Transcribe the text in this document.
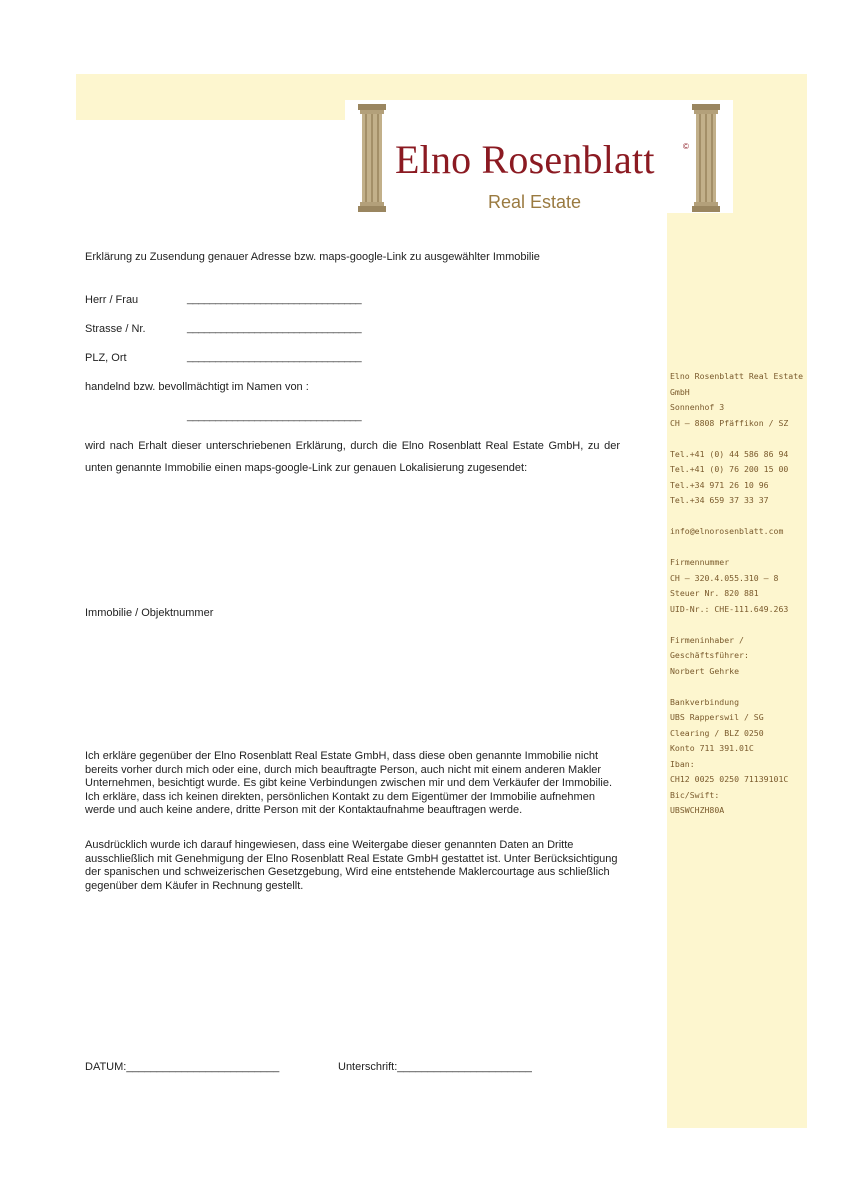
Elno Rosenblatt	©
Real Estate
Erklärung zu Zusendung genauer Adresse bzw. maps-google-Link zu ausgewählter Immobilie
Herr / Frau	_______________________________
Strasse / Nr.	_______________________________
PLZ, Ort	_______________________________
handelnd bzw. bevollmächtigt im Namen von :
_______________________________
wird nach Erhalt dieser unterschriebenen Erklärung, durch die Elno Rosenblatt Real Estate GmbH, zu der unten genannte Immobilie einen maps-google-Link zur genauen Lokalisierung zugesendet:
Immobilie / Objektnummer
Ich erkläre gegenüber der Elno Rosenblatt Real Estate GmbH, dass diese oben genannte Immobilie nicht bereits vorher durch mich oder eine, durch mich beauftragte Person, auch nicht mit einem anderen Makler Unternehmen, besichtigt wurde. Es gibt keine Verbindungen zwischen mir und dem Verkäufer der Immobilie. Ich erkläre, dass ich keinen direkten, persönlichen Kontakt zu dem Eigentümer der Immobilie aufnehmen werde und auch keine andere, dritte Person mit der Kontaktaufnahme beauftragen werde.
Ausdrücklich wurde ich darauf hingewiesen, dass eine Weitergabe dieser genannten Daten an Dritte ausschließlich mit Genehmigung der Elno Rosenblatt Real Estate GmbH gestattet ist. Unter Berücksichtigung der spanischen und schweizerischen Gesetzgebung, Wird eine entstehende Maklercourtage aus schließlich gegenüber dem Käufer in Rechnung gestellt.
DATUM:_________________________	Unterschrift:______________________
Elno Rosenblatt Real Estate
GmbH
Sonnenhof 3
CH – 8808 Pfäffikon / SZ
Tel.+41 (0) 44 586 86 94
Tel.+41 (0) 76 200 15 00
Tel.+34 971 26 10 96
Tel.+34 659 37 33 37
info@elnorosenblatt.com
Firmennummer
CH – 320.4.055.310 – 8
Steuer Nr. 820 881
UID-Nr.: CHE-111.649.263
Firmeninhaber /
Geschäftsführer:
Norbert Gehrke
Bankverbindung
UBS Rapperswil / SG
Clearing / BLZ 0250
Konto 711 391.01C
Iban:
CH12 0025 0250 71139101C
Bic/Swift:
UBSWCHZH80A
